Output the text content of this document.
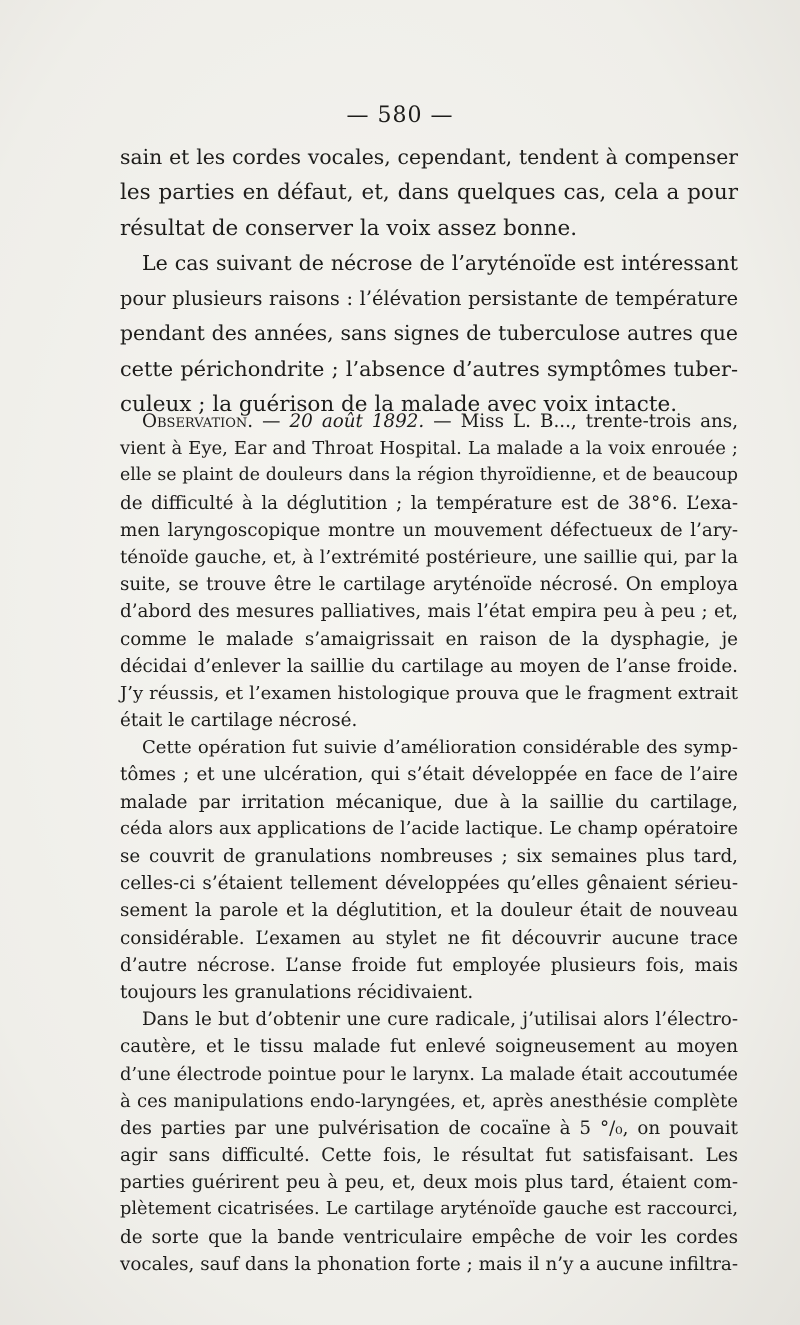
— 580 —
sain et les cordes vocales, cependant, tendent à compenser
les parties en défaut, et, dans quelques cas, cela a pour
résultat de conserver la voix assez bonne.
Le cas suivant de nécrose de l’aryténoïde est intéressant
pour plusieurs raisons : l’élévation persistante de température
pendant des années, sans signes de tuberculose autres que
cette périchondrite ; l’absence d’autres symptômes tuber-
culeux ; la guérison de la malade avec voix intacte.
Observation. — 20 août 1892. — Miss L. B..., trente-trois ans,
vient à Eye, Ear and Throat Hospital. La malade a la voix enrouée ;
elle se plaint de douleurs dans la région thyroïdienne, et de beaucoup
de difficulté à la déglutition ; la température est de 38°6. L’exa-
men laryngoscopique montre un mouvement défectueux de l’ary-
ténoïde gauche, et, à l’extrémité postérieure, une saillie qui, par la
suite, se trouve être le cartilage aryténoïde nécrosé. On employa
d’abord des mesures palliatives, mais l’état empira peu à peu ; et,
comme le malade s’amaigrissait en raison de la dysphagie, je
décidai d’enlever la saillie du cartilage au moyen de l’anse froide.
J’y réussis, et l’examen histologique prouva que le fragment extrait
était le cartilage nécrosé.
Cette opération fut suivie d’amélioration considérable des symp-
tômes ; et une ulcération, qui s’était développée en face de l’aire
malade par irritation mécanique, due à la saillie du cartilage,
céda alors aux applications de l’acide lactique. Le champ opératoire
se couvrit de granulations nombreuses ; six semaines plus tard,
celles-ci s’étaient tellement développées qu’elles gênaient sérieu-
sement la parole et la déglutition, et la douleur était de nouveau
considérable. L’examen au stylet ne fit découvrir aucune trace
d’autre nécrose. L’anse froide fut employée plusieurs fois, mais
toujours les granulations récidivaient.
Dans le but d’obtenir une cure radicale, j’utilisai alors l’électro-
cautère, et le tissu malade fut enlevé soigneusement au moyen
d’une électrode pointue pour le larynx. La malade était accoutumée
à ces manipulations endo-laryngées, et, après anesthésie complète
des parties par une pulvérisation de cocaïne à 5 °/₀, on pouvait
agir sans difficulté. Cette fois, le résultat fut satisfaisant. Les
parties guérirent peu à peu, et, deux mois plus tard, étaient com-
plètement cicatrisées. Le cartilage aryténoïde gauche est raccourci,
de sorte que la bande ventriculaire empêche de voir les cordes
vocales, sauf dans la phonation forte ; mais il n’y a aucune infiltra-
